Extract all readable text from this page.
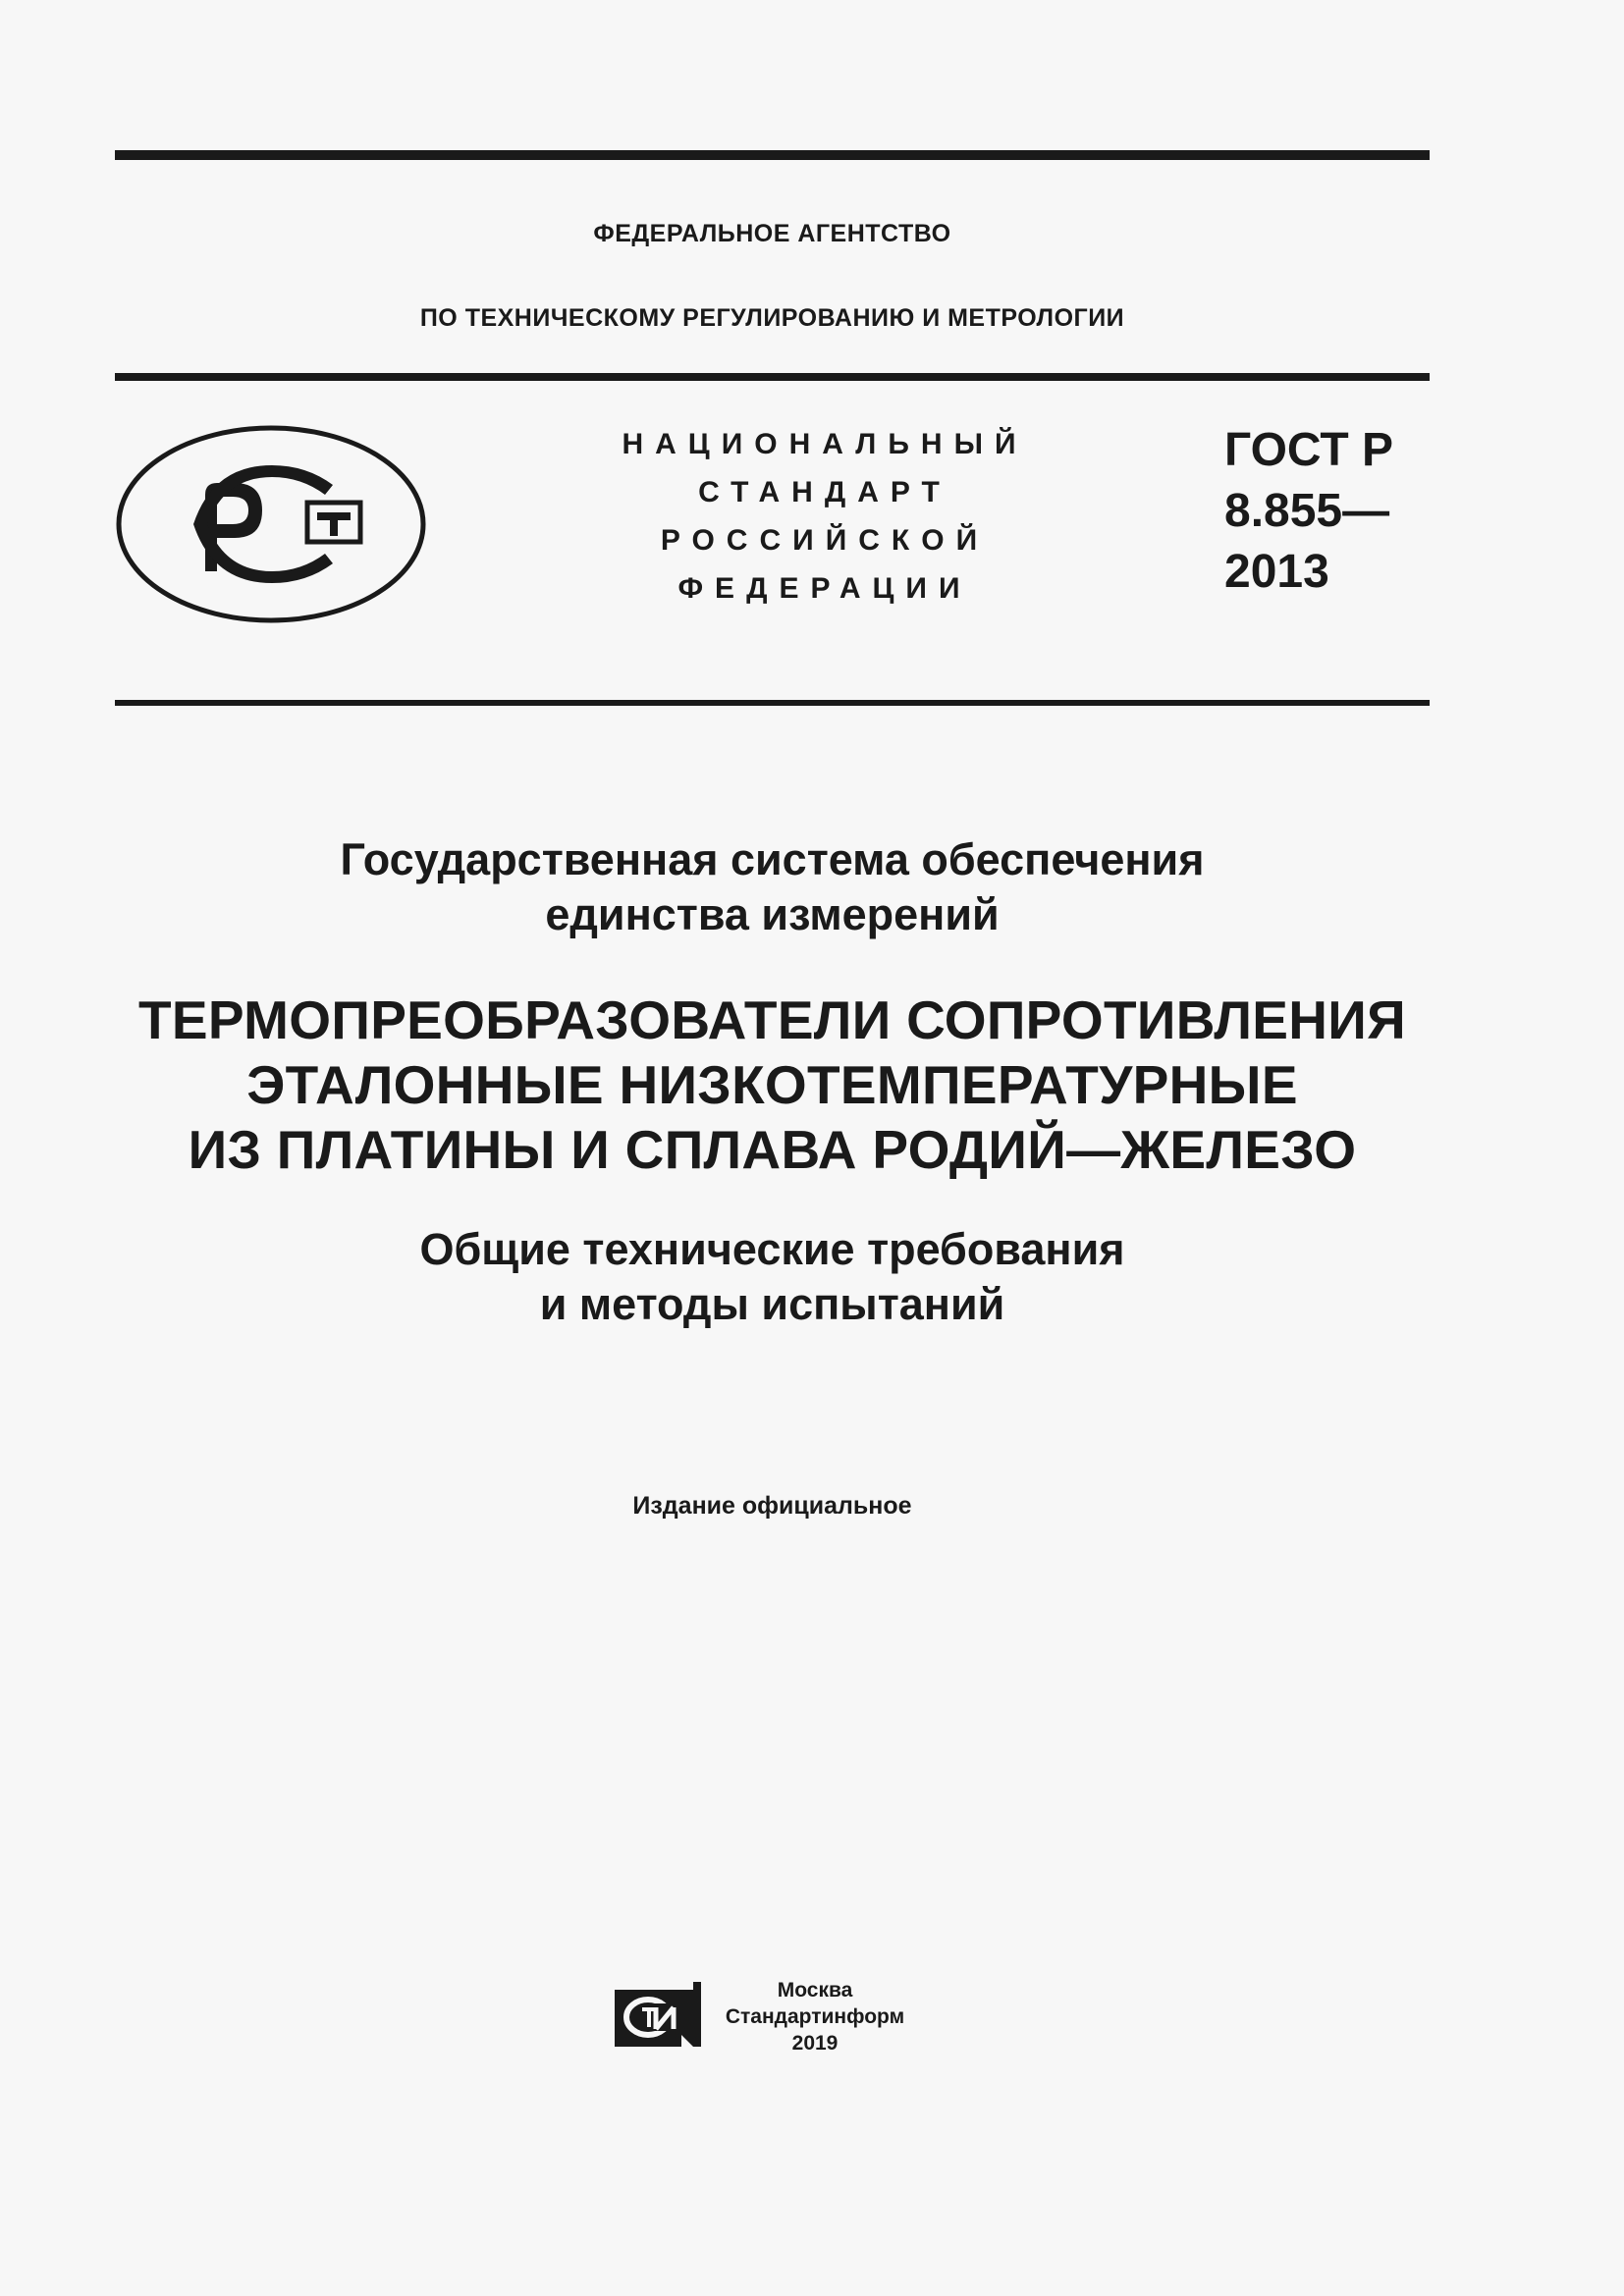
ФЕДЕРАЛЬНОЕ АГЕНТСТВО
ПО ТЕХНИЧЕСКОМУ РЕГУЛИРОВАНИЮ И МЕТРОЛОГИИ
НАЦИОНАЛЬНЫЙ
СТАНДАРТ
РОССИЙСКОЙ
ФЕДЕРАЦИИ
ГОСТ Р
8.855—
2013
Государственная система обеспечения
единства измерений
ТЕРМОПРЕОБРАЗОВАТЕЛИ СОПРОТИВЛЕНИЯ
ЭТАЛОННЫЕ НИЗКОТЕМПЕРАТУРНЫЕ
ИЗ ПЛАТИНЫ И СПЛАВА РОДИЙ—ЖЕЛЕЗО
Общие технические требования
и методы испытаний
Издание официальное
Москва
Стандартинформ
2019
